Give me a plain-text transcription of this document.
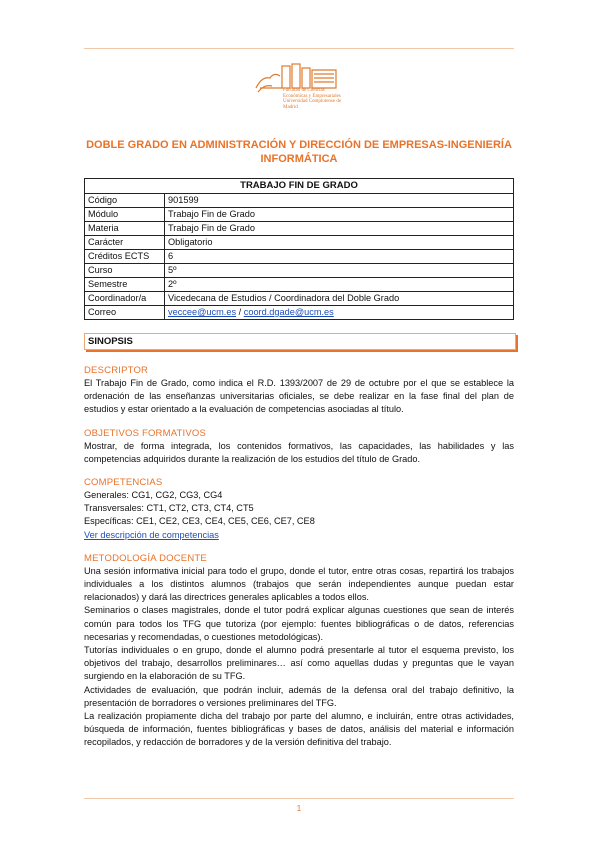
Facultad de Ciencias
Económicas y Empresariales
Universidad Complutense de Madrid
DOBLE GRADO EN ADMINISTRACIÓN Y DIRECCIÓN DE EMPRESAS-INGENIERÍA INFORMÁTICA
TRABAJO FIN DE GRADO	
Código	901599
Módulo	Trabajo Fin de Grado
Materia	Trabajo Fin de Grado
Carácter	Obligatorio
Créditos ECTS	6
Curso	5º
Semestre	2º
Coordinador/a	Vicedecana de Estudios / Coordinadora del Doble Grado
Correo	veccee@ucm.es / coord.dgade@ucm.es
SINOPSIS
DESCRIPTOR

El Trabajo Fin de Grado, como indica el R.D. 1393/2007 de 29 de octubre por el que se establece la ordenación de las enseñanzas universitarias oficiales, se debe realizar en la fase final del plan de estudios y estar orientado a la evaluación de competencias asociadas al título.

OBJETIVOS FORMATIVOS

Mostrar, de forma integrada, los contenidos formativos, las capacidades, las habilidades y las competencias adquiridos durante la realización de los estudios del título de Grado.

COMPETENCIAS

Generales: CG1, CG2, CG3, CG4

Transversales: CT1, CT2, CT3, CT4, CT5

Específicas: CE1, CE2, CE3, CE4, CE5, CE6, CE7, CE8

Ver descripción de competencias

METODOLOGÍA DOCENTE

Una sesión informativa inicial para todo el grupo, donde el tutor, entre otras cosas, repartirá los trabajos individuales a los distintos alumnos (trabajos que serán independientes aunque puedan estar relacionados) y dará las directrices generales aplicables a todos ellos.

Seminarios o clases magistrales, donde el tutor podrá explicar algunas cuestiones que sean de interés común para todos los TFG que tutoriza (por ejemplo: fuentes bibliográficas o de datos, referencias necesarias y recomendadas, o cuestiones metodológicas).

Tutorías individuales o en grupo, donde el alumno podrá presentarle al tutor el esquema previsto, los objetivos del trabajo, desarrollos preliminares… así como aquellas dudas y preguntas que le vayan surgiendo en la elaboración de su TFG.

Actividades de evaluación, que podrán incluir, además de la defensa oral del trabajo definitivo, la presentación de borradores o versiones preliminares del TFG.

La realización propiamente dicha del trabajo por parte del alumno, e incluirán, entre otras actividades, búsqueda de información, fuentes bibliográficas y bases de datos, análisis del material e información recopilados, y redacción de borradores y de la versión definitiva del trabajo.

1
